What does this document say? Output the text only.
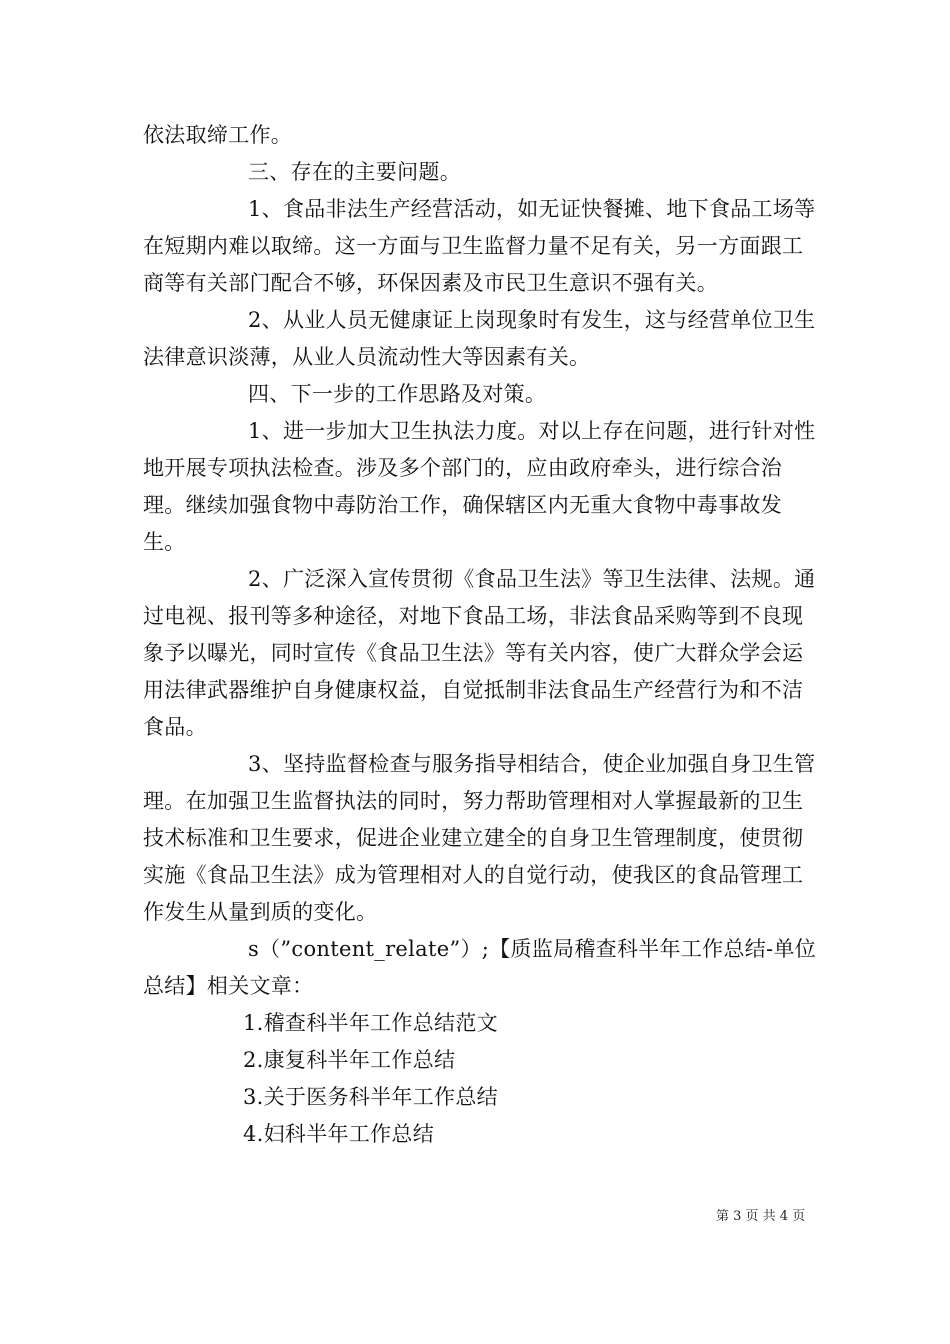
依法取缔工作。

三、存在的主要问题。

1、食品非法生产经营活动，如无证快餐摊、地下食品工场等在短期内难以取缔。这一方面与卫生监督力量不足有关，另一方面跟工商等有关部门配合不够，环保因素及市民卫生意识不强有关。

2、从业人员无健康证上岗现象时有发生，这与经营单位卫生法律意识淡薄，从业人员流动性大等因素有关。

四、下一步的工作思路及对策。

1、进一步加大卫生执法力度。对以上存在问题，进行针对性地开展专项执法检查。涉及多个部门的，应由政府牵头，进行综合治理。继续加强食物中毒防治工作，确保辖区内无重大食物中毒事故发生。

2、广泛深入宣传贯彻《食品卫生法》等卫生法律、法规。通过电视、报刊等多种途径，对地下食品工场，非法食品采购等到不良现象予以曝光，同时宣传《食品卫生法》等有关内容，使广大群众学会运用法律武器维护自身健康权益，自觉抵制非法食品生产经营行为和不洁食品。

3、坚持监督检查与服务指导相结合，使企业加强自身卫生管理。在加强卫生监督执法的同时，努力帮助管理相对人掌握最新的卫生技术标准和卫生要求，促进企业建立建全的自身卫生管理制度，使贯彻实施《食品卫生法》成为管理相对人的自觉行动，使我区的食品管理工作发生从量到质的变化。

s（”content_relate”）;【质监局稽查科半年工作总结-单位总结】相关文章：

1.稽查科半年工作总结范文

2.康复科半年工作总结

3.关于医务科半年工作总结

4.妇科半年工作总结

第 3 页 共 4 页
